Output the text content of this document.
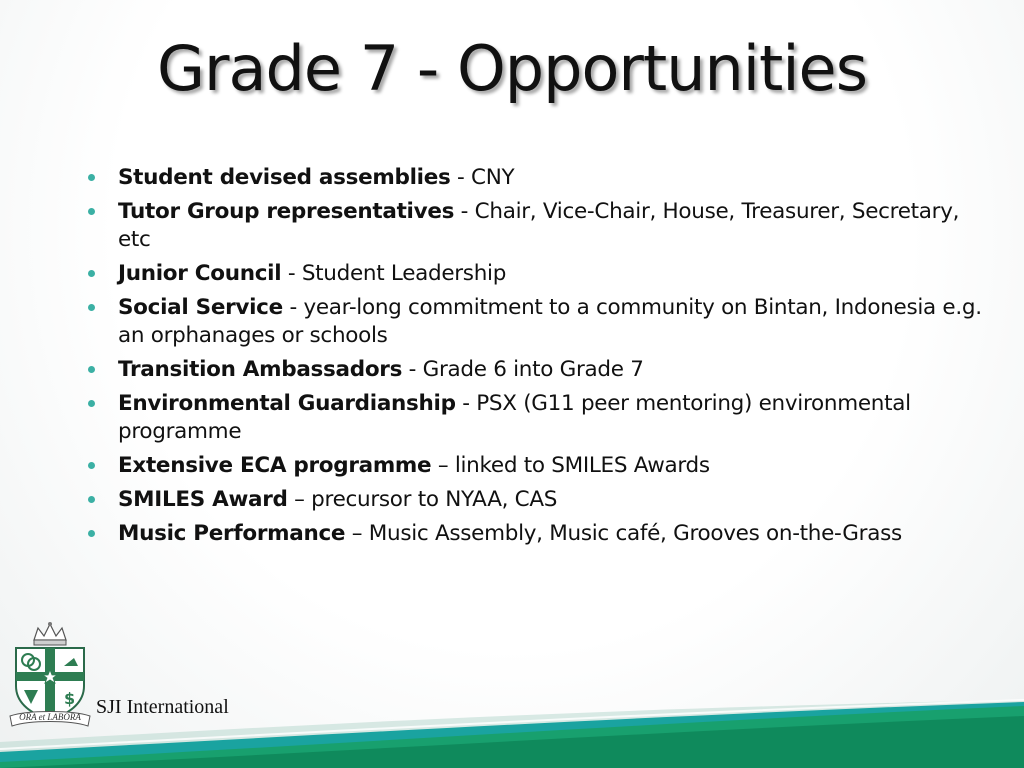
Grade 7 - Opportunities
Student devised assemblies - CNY
Tutor Group representatives - Chair, Vice-Chair, House, Treasurer, Secretary, etc
Junior Council - Student Leadership
Social Service - year-long commitment to a community on Bintan, Indonesia e.g. an orphanages or schools
Transition Ambassadors - Grade 6 into Grade 7
Environmental Guardianship - PSX (G11 peer mentoring) environmental programme
Extensive ECA programme – linked to SMILES Awards
SMILES Award – precursor to NYAA, CAS
Music Performance – Music Assembly, Music café, Grooves on-the-Grass
$
ORA et LABORA SJI International
